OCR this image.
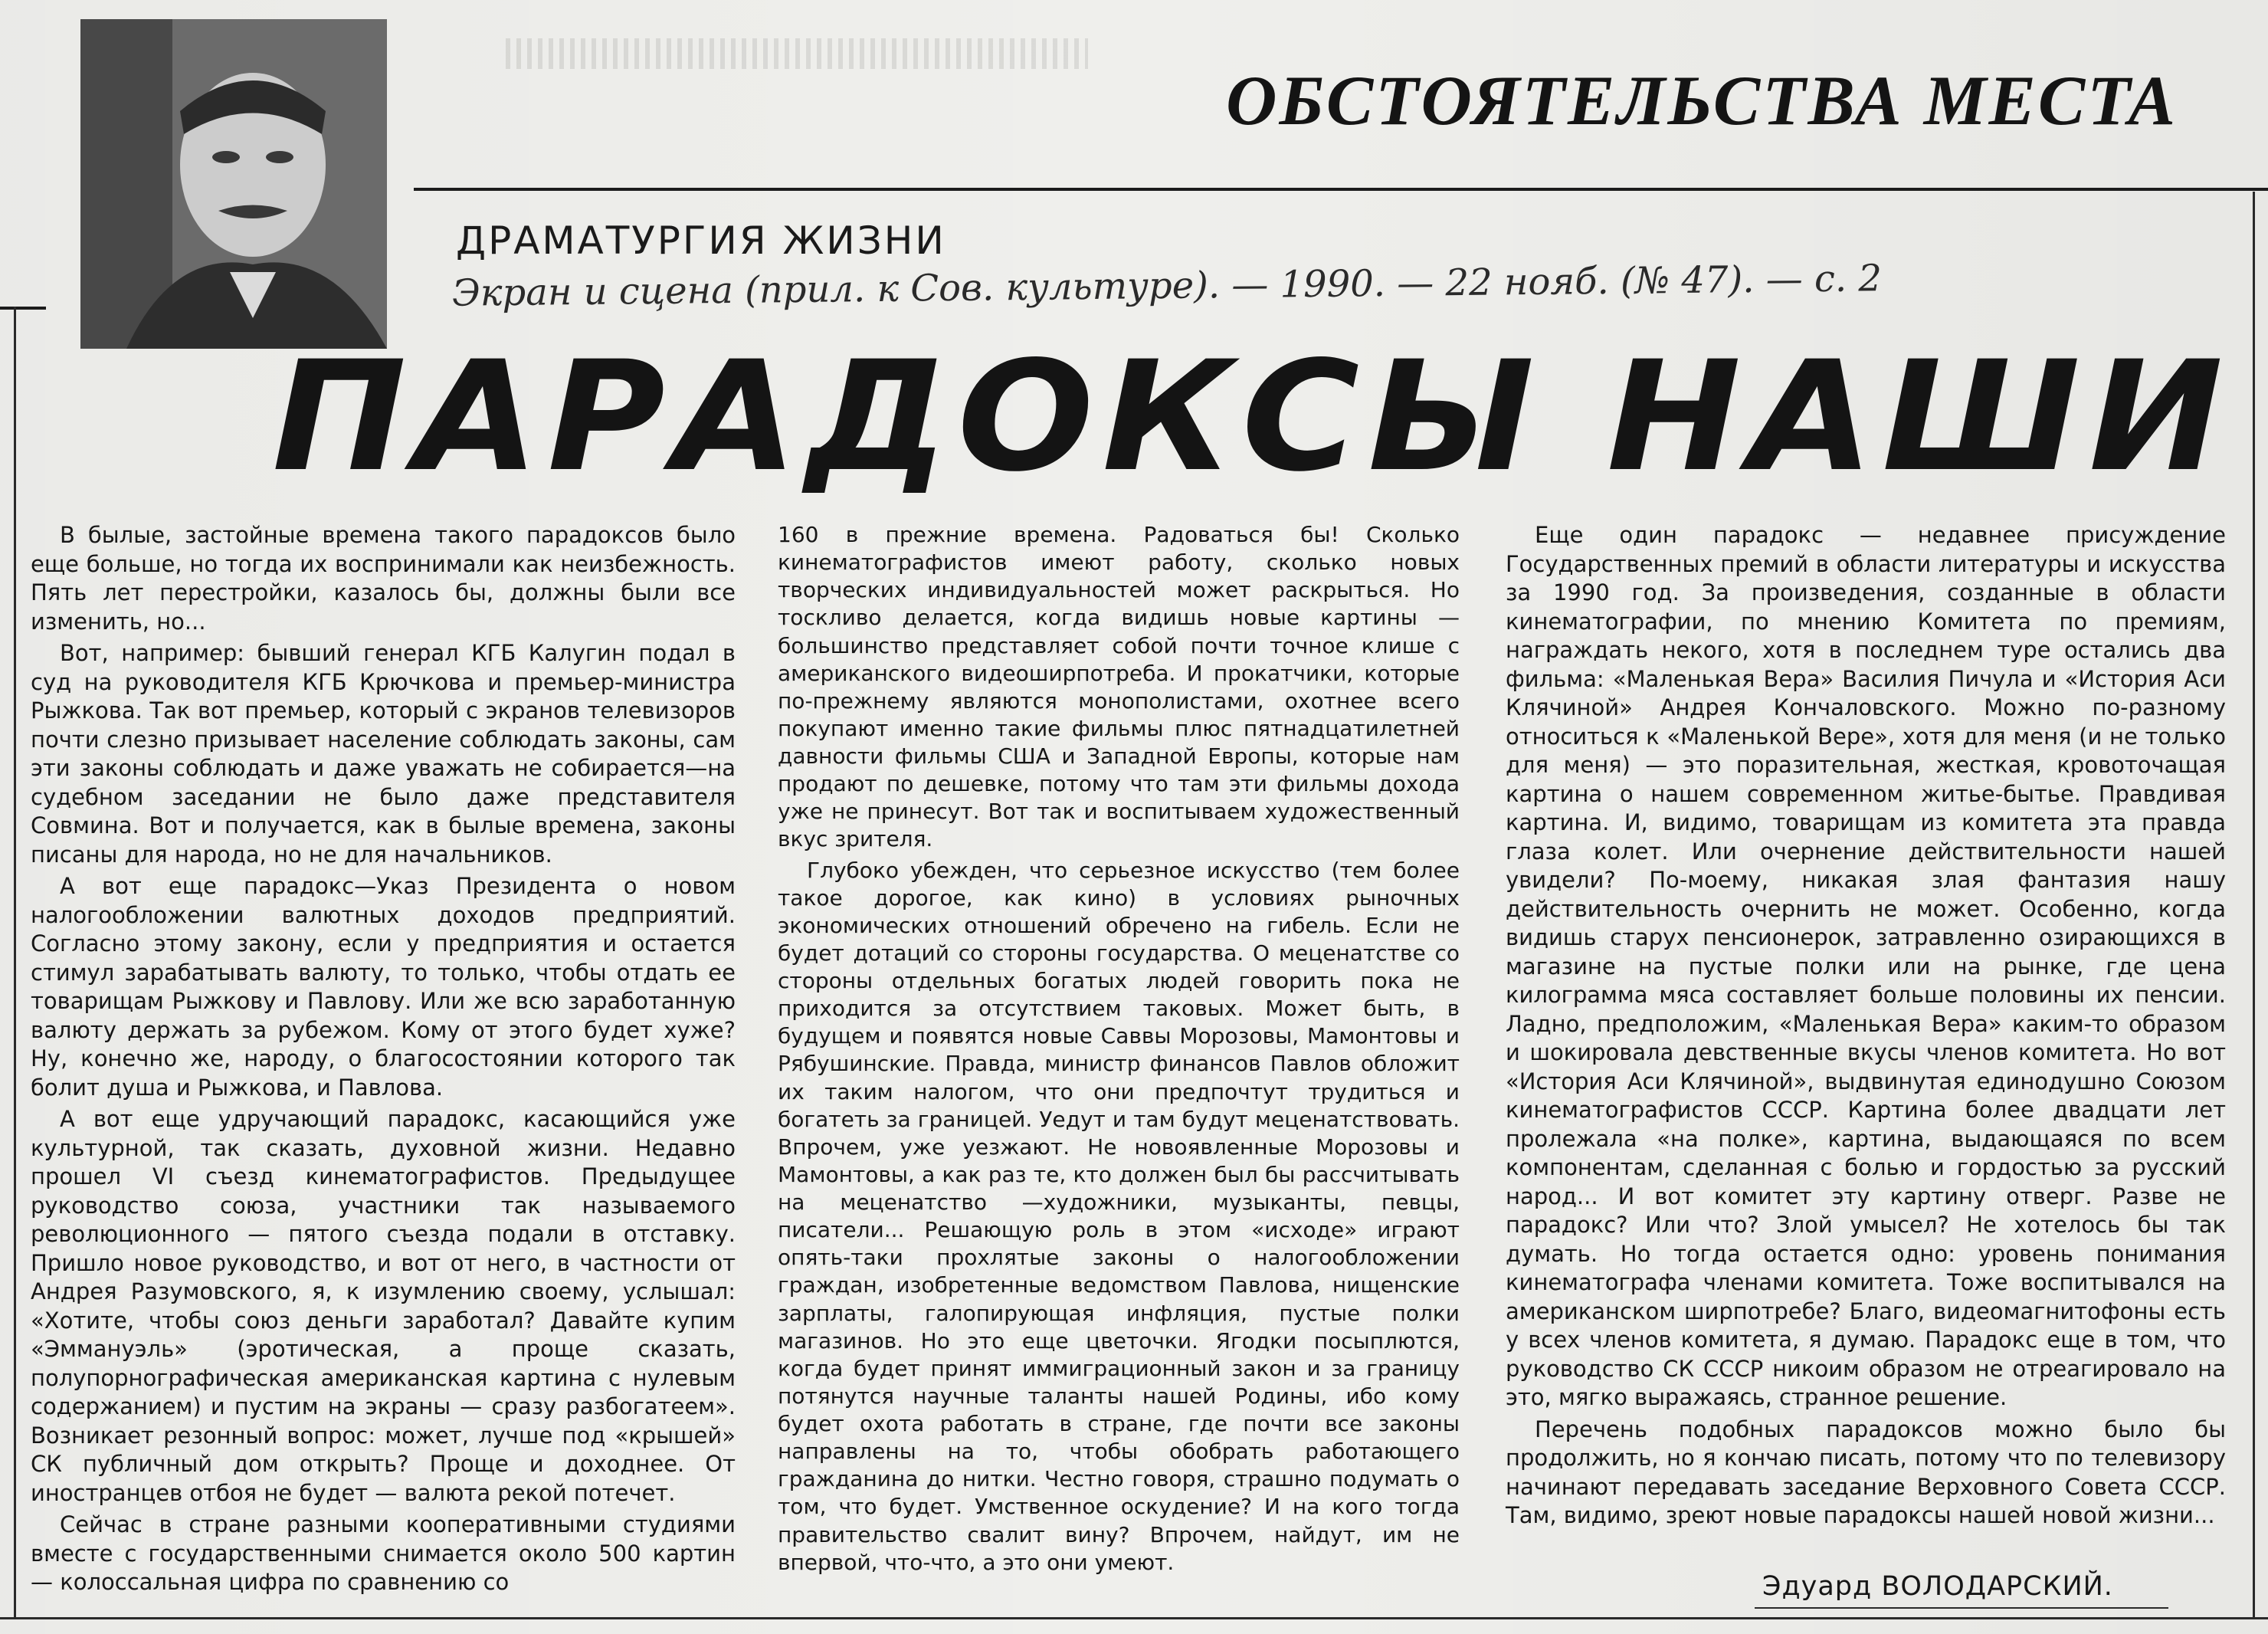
ОБСТОЯТЕЛЬСТВА МЕСТА
ДРАМАТУРГИЯ ЖИЗНИ
Экран и сцена (прил. к Сов. культуре). — 1990. — 22 нояб. (№ 47). — с. 2
ПАРАДОКСЫ НАШИ

В былые, застойные времена такого парадоксов было еще больше, но тогда их воспринимали как неизбежность. Пять лет перестройки, казалось бы, должны были все изменить, но...

Вот, например: бывший генерал КГБ Калугин подал в суд на руководителя КГБ Крючкова и премьер-министра Рыжкова. Так вот премьер, который с экранов телевизоров почти слезно призывает население соблюдать законы, сам эти законы соблюдать и даже уважать не собирается—на судебном заседании не было даже представителя Совмина. Вот и получается, как в былые времена, законы писаны для народа, но не для начальников.

А вот еще парадокс—Указ Президента о новом налогообложении валютных доходов предприятий. Согласно этому закону, если у предприятия и остается стимул зарабатывать валюту, то только, чтобы отдать ее товарищам Рыжкову и Павлову. Или же всю заработанную валюту держать за рубежом. Кому от этого будет хуже? Ну, конечно же, народу, о благосостоянии которого так болит душа и Рыжкова, и Павлова.

А вот еще удручающий парадокс, касающийся уже культурной, так сказать, духовной жизни. Недавно прошел VI съезд кинематографистов. Предыдущее руководство союза, участники так называемого революционного — пятого съезда подали в отставку. Пришло новое руководство, и вот от него, в частности от Андрея Разумовского, я, к изумлению своему, услышал: «Хотите, чтобы союз деньги заработал? Давайте купим «Эммануэль» (эротическая, а проще сказать, полупорнографическая американская картина с нулевым содержанием) и пустим на экраны — сразу разбогатеем». Возникает резонный вопрос: может, лучше под «крышей» СК публичный дом открыть? Проще и доходнее. От иностранцев отбоя не будет — валюта рекой потечет.

Сейчас в стране разными кооперативными студиями вместе с государственными снимается около 500 картин — колоссальная цифра по сравнению со

160 в прежние времена. Радоваться бы! Сколько кинематографистов имеют работу, сколько новых творческих индивидуальностей может раскрыться. Но тоскливо делается, когда видишь новые картины — большинство представляет собой почти точное клише с американского видеоширпотреба. И прокатчики, которые по-прежнему являются монополистами, охотнее всего покупают именно такие фильмы плюс пятнадцатилетней давности фильмы США и Западной Европы, которые нам продают по дешевке, потому что там эти фильмы дохода уже не принесут. Вот так и воспитываем художественный вкус зрителя.

Глубоко убежден, что серьезное искусство (тем более такое дорогое, как кино) в условиях рыночных экономических отношений обречено на гибель. Если не будет дотаций со стороны государства. О меценатстве со стороны отдельных богатых людей говорить пока не приходится за отсутствием таковых. Может быть, в будущем и появятся новые Саввы Морозовы, Мамонтовы и Рябушинские. Правда, министр финансов Павлов обложит их таким налогом, что они предпочтут трудиться и богатеть за границей. Уедут и там будут меценатствовать. Впрочем, уже уезжают. Не новоявленные Морозовы и Мамонтовы, а как раз те, кто должен был бы рассчитывать на меценатство —художники, музыканты, певцы, писатели... Решающую роль в этом «исходе» играют опять-таки прохлятые законы о налогообложении граждан, изобретенные ведомством Павлова, нищенские зарплаты, галопирующая инфляция, пустые полки магазинов. Но это еще цветочки. Ягодки посыплются, когда будет принят иммиграционный закон и за границу потянутся научные таланты нашей Родины, ибо кому будет охота работать в стране, где почти все законы направлены на то, чтобы обобрать работающего гражданина до нитки. Честно говоря, страшно подумать о том, что будет. Умственное оскудение? И на кого тогда правительство свалит вину? Впрочем, найдут, им не впервой, что-что, а это они умеют.

Еще один парадокс — недавнее присуждение Государственных премий в области литературы и искусства за 1990 год. За произведения, созданные в области кинематографии, по мнению Комитета по премиям, награждать некого, хотя в последнем туре остались два фильма: «Маленькая Вера» Василия Пичула и «История Аси Клячиной» Андрея Кончаловского. Можно по-разному относиться к «Маленькой Вере», хотя для меня (и не только для меня) — это поразительная, жесткая, кровоточащая картина о нашем современном житье-бытье. Правдивая картина. И, видимо, товарищам из комитета эта правда глаза колет. Или очернение действительности нашей увидели? По-моему, никакая злая фантазия нашу действительность очернить не может. Особенно, когда видишь старух пенсионерок, затравленно озирающихся в магазине на пустые полки или на рынке, где цена килограмма мяса составляет больше половины их пенсии. Ладно, предположим, «Маленькая Вера» каким-то образом и шокировала девственные вкусы членов комитета. Но вот «История Аси Клячиной», выдвинутая единодушно Союзом кинематографистов СССР. Картина более двадцати лет пролежала «на полке», картина, выдающаяся по всем компонентам, сделанная с болью и гордостью за русский народ... И вот комитет эту картину отверг. Разве не парадокс? Или что? Злой умысел? Не хотелось бы так думать. Но тогда остается одно: уровень понимания кинематографа членами комитета. Тоже воспитывался на американском ширпотребе? Благо, видеомагнитофоны есть у всех членов комитета, я думаю. Парадокс еще в том, что руководство СК СССР никоим образом не отреагировало на это, мягко выражаясь, странное решение.

Перечень подобных парадоксов можно было бы продолжить, но я кончаю писать, потому что по телевизору начинают передавать заседание Верховного Совета СССР. Там, видимо, зреют новые парадоксы нашей новой жизни...

Эдуард ВОЛОДАРСКИЙ.
